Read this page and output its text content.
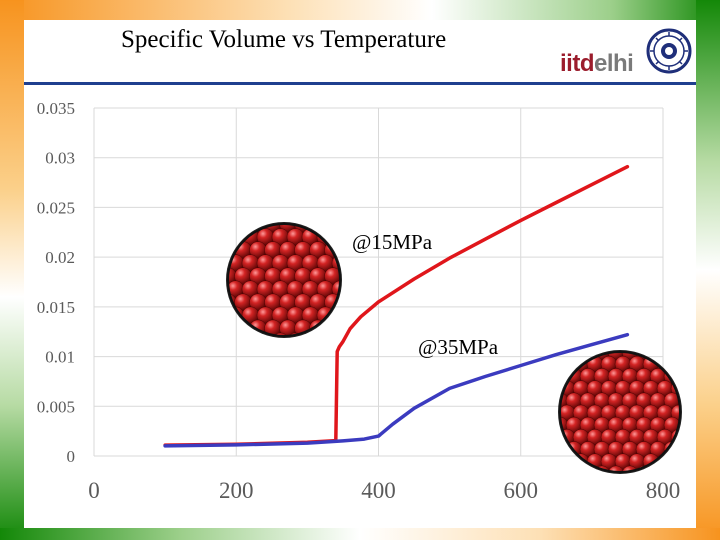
Specific Volume vs Temperature
iitdelhi
0
0.005
0.01
0.015
0.02
0.025
0.03
0.035
0	200	400	600	800
@15MPa
@35MPa
